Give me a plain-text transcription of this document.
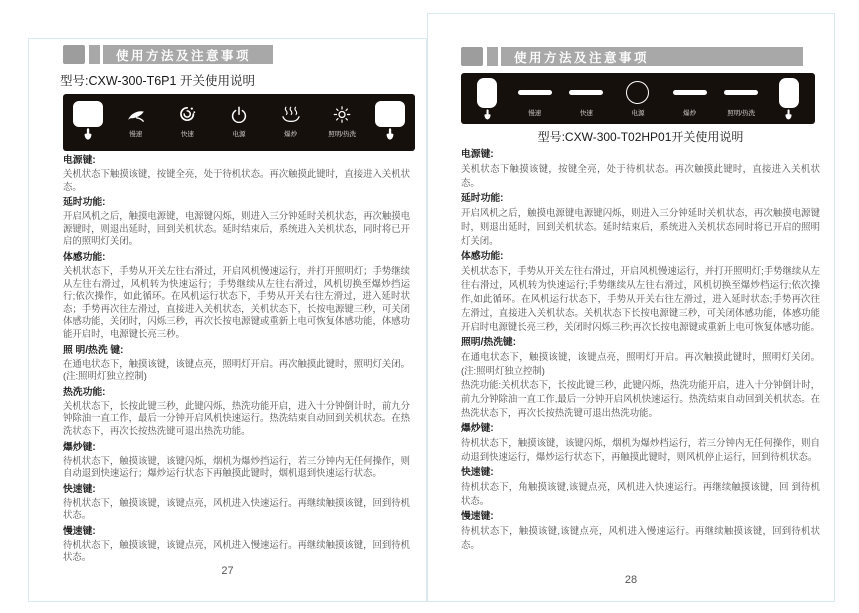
使用方法及注意事项
型号:CXW-300-T6P1 开关使用说明
慢速	快速	电源	爆炒	照明/热洗
电源键:
关机状态下触摸该键，按键全亮，处于待机状态。再次触摸此键时，直接进入关机状态。
延时功能:
开启风机之后，触摸电源键，电源键闪烁，则进入三分钟延时关机状态，再次触摸电源键时，则退出延时，回到关机状态。延时结束后，系统进入关机状态，同时将已开启的照明灯关闭。
体感功能:
关机状态下，手势从开关左往右滑过，开启风机慢速运行，并打开照明灯；手势继续从左往右滑过，风机转为快速运行；手势继续从左往右滑过，风机切换至爆炒挡运行;依次操作，如此循环。在风机运行状态下，手势从开关右往左滑过，进入延时状态；手势再次往左滑过，直接进入关机状态，关机状态下，长按电源键三秒，可关闭体感功能，关闭时，闪烁三秒，再次长按电源键或重新上电可恢复体感功能，体感功能开启时，电源键长亮三秒。
照 明/热洗 键:
在通电状态下，触摸该键，该键点亮，照明灯开启。再次触摸此键时，照明灯关闭。(注:照明灯独立控制)
热洗功能:
关机状态下，长按此键三秒，此键闪烁，热洗功能开启，进入十分钟倒计时，前九分钟除油一直工作，最后一分钟开启风机快速运行。热洗结束自动回到关机状态。在热洗状态下，再次长按热洗键可退出热洗功能。
爆炒键:
待机状态下，触摸该键，该键闪烁，烟机为爆炒挡运行，若三分钟内无任何操作，则自动退到快速运行；爆炒运行状态下再触摸此键时，烟机退到快速运行状态。
快速键:
待机状态下，触摸该键，该键点亮，风机进入快速运行。再继续触摸该键，回到待机状态。
慢速键:
待机状态下，触摸该键，该键点亮，风机进入慢速运行。再继续触摸该键，回到待机状态。
27
使用方法及注意事项
慢速	快速	电源	爆炒	照明/热洗
型号:CXW-300-T02HP01开关使用说明
电源键:
关机状态下触摸该键，按键全亮，处于待机状态。再次触摸此键时，直接进入关机状态。
延时功能:
开启风机之后，触摸电源键电源键闪烁，则进入三分钟延时关机状态，再次触摸电源键时，则退出延时，回到关机状态。延时结束后，系统进入关机状态同时将已开启的照明灯关闭。
体感功能:
关机状态下，手势从开关左往右滑过，开启风机慢速运行，并打开照明灯;手势继续从左往右滑过，风机转为快速运行;手势继续从左往右滑过，风机切换至爆炒档运行;依次操作,如此循环。在风机运行状态下，手势从开关右往左滑过，进入延时状态;手势再次往左滑过，直接进入关机状态。关机状态下长按电源键三秒，可关闭体感功能，体感功能开启时电源键长亮三秒，关闭时闪烁三秒;再次长按电源键或重新上电可恢复体感功能。
照明/热洗键:
在通电状态下，触摸该键，该键点亮，照明灯开启。再次触摸此键时，照明灯关闭。(注:照明灯独立控制)
热洗功能:关机状态下，长按此键三秒，此键闪烁，热洗功能开启，进入十分钟倒计时，前九分钟除油一直工作,最后一分钟开启风机快速运行。热洗结束自动回到关机状态。在热洗状态下，再次长按热洗键可退出热洗功能。
爆炒键:
待机状态下，触摸该键，该键闪烁，烟机为爆炒档运行，若三分钟内无任何操作，则自动退到快速运行，爆炒运行状态下，再触摸此键时，则风机停止运行，回到待机状态。
快速键:
待机状态下，角触摸该键,该键点亮，风机进入快速运行。再继续触摸该键，回 到待机状态。
慢速键:
待机状态下，触摸该键,该键点亮，风机进入慢速运行。再继续触摸该键，回到待机状态。
28
